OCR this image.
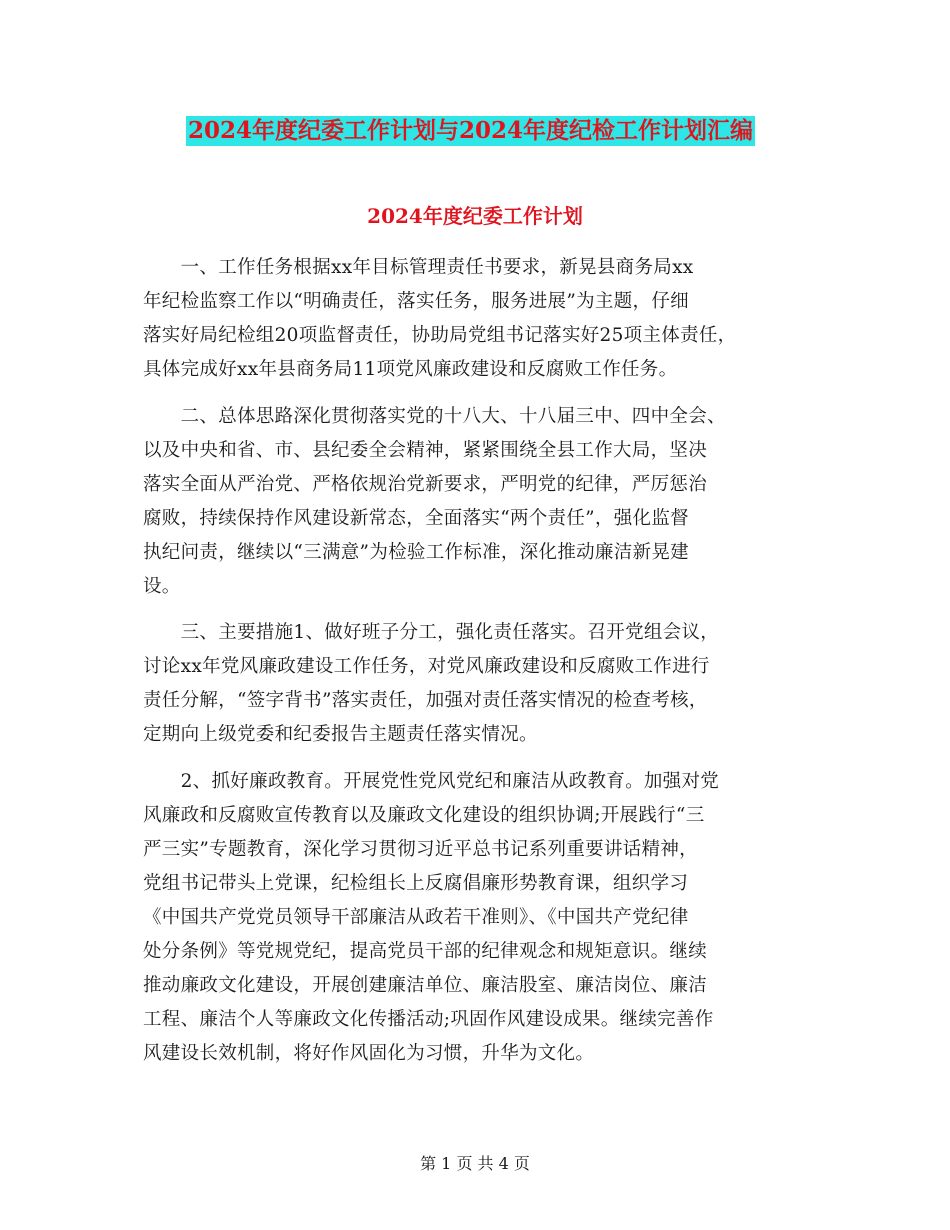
2024年度纪委工作计划与2024年度纪检工作计划汇编
2024年度纪委工作计划
　　一、工作任务根据xx年目标管理责任书要求，新晃县商务局xx
年纪检监察工作以“明确责任，落实任务，服务进展”为主题，仔细
落实好局纪检组20项监督责任，协助局党组书记落实好25项主体责任，
具体完成好xx年县商务局11项党风廉政建设和反腐败工作任务。
　　二、总体思路深化贯彻落实党的十八大、十八届三中、四中全会、
以及中央和省、市、县纪委全会精神，紧紧围绕全县工作大局，坚决
落实全面从严治党、严格依规治党新要求，严明党的纪律，严厉惩治
腐败，持续保持作风建设新常态，全面落实“两个责任”，强化监督
执纪问责，继续以“三满意”为检验工作标准，深化推动廉洁新晃建
设。
　　三、主要措施1、做好班子分工，强化责任落实。召开党组会议，
讨论xx年党风廉政建设工作任务，对党风廉政建设和反腐败工作进行
责任分解，“签字背书”落实责任，加强对责任落实情况的检查考核，
定期向上级党委和纪委报告主题责任落实情况。
　　2、抓好廉政教育。开展党性党风党纪和廉洁从政教育。加强对党
风廉政和反腐败宣传教育以及廉政文化建设的组织协调;开展践行“三
严三实”专题教育，深化学习贯彻习近平总书记系列重要讲话精神，
党组书记带头上党课，纪检组长上反腐倡廉形势教育课，组织学习
《中国共产党党员领导干部廉洁从政若干准则》、《中国共产党纪律
处分条例》等党规党纪，提高党员干部的纪律观念和规矩意识。继续
推动廉政文化建设，开展创建廉洁单位、廉洁股室、廉洁岗位、廉洁
工程、廉洁个人等廉政文化传播活动;巩固作风建设成果。继续完善作
风建设长效机制，将好作风固化为习惯，升华为文化。
第 1 页 共 4 页
